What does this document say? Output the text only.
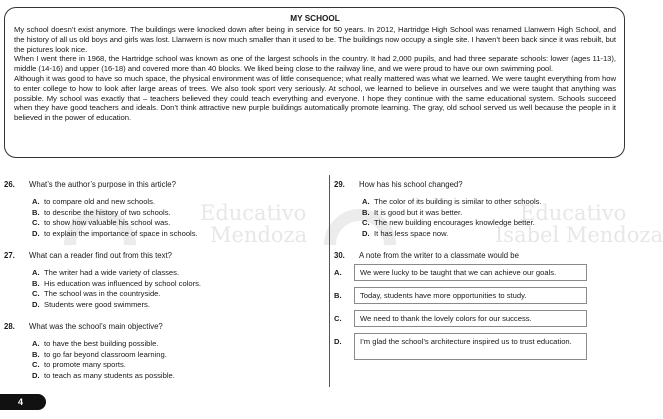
MY SCHOOL

My school doesn’t exist anymore. The buildings were knocked down after being in service for 50 years. In 2012, Hartridge High School was renamed Llanwern High School, and the history of all us old boys and girls was lost. Llanwern is now much smaller than it used to be. The buildings now occupy a single site. I haven’t been back since it was rebuilt, but the pictures look nice.

When I went there in 1968, the Hartridge school was known as one of the largest schools in the country. It had 2,000 pupils, and had three separate schools: lower (ages 11-13), middle (14-16) and upper (16-18) and covered more than 40 blocks. We liked being close to the railway line, and we were proud to have our own swimming pool.

Although it was good to have so much space, the physical environment was of little consequence; what really mattered was what we learned. We were taught everything from how to enter college to how to look after large areas of trees. We also took sport very seriously. At school, we learned to believe in ourselves and we were taught that anything was possible. My school was exactly that – teachers believed they could teach everything and everyone. I hope they continue with the same educational system. Schools succeed when they have good teachers and ideals. Don’t think attractive new purple buildings automatically promote learning. The gray, old school served us well because the people in it believed in the power of education.

Educativo
Mendoza
Educativo
Isabel Mendoza
26. What’s the author’s purpose in this article?
A. to compare old and new schools.
B. to describe the history of two schools.
C. to show how valuable his school was.
D. to explain the importance of space in schools.
27. What can a reader find out from this text?
A. The writer had a wide variety of classes.
B. His education was influenced by school colors.
C. The school was in the countryside.
D. Students were good swimmers.
28. What was the school’s main objective?
A. to have the best building possible.
B. to go far beyond classroom learning.
C. to promote many sports.
D. to teach as many students as possible.
29. How has his school changed?
A. The color of its building is similar to other schools.
B. It is good but it was better.
C. The new building encourages knowledge better.
D. It has less space now.
30. A note from the writer to a classmate would be
A.	We were lucky to be taught that we can achieve our goals.
B.	Today, students have more opportunities to study.
C.	We need to thank the lovely colors for our success.
D.	I’m glad the school’s architecture inspired us to trust education.
4
